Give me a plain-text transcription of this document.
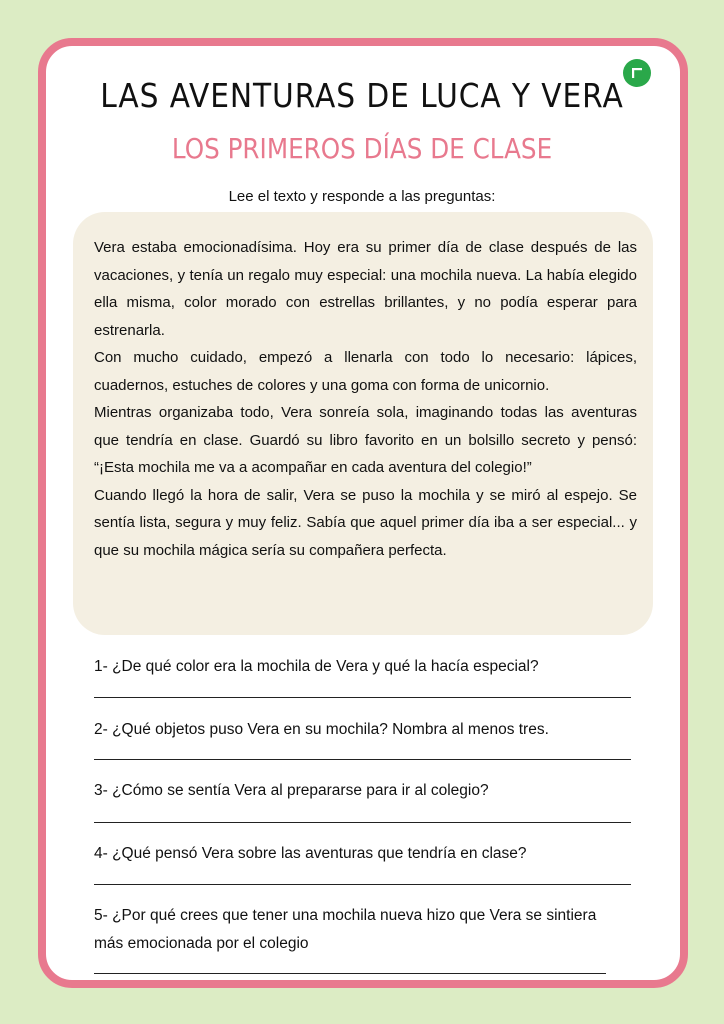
LAS AVENTURAS DE LUCA Y VERA
LOS PRIMEROS DÍAS DE CLASE
Lee el texto y responde a las preguntas:

Vera estaba emocionadísima. Hoy era su primer día de clase después de las vacaciones, y tenía un regalo muy especial: una mochila nueva. La había elegido ella misma, color morado con estrellas brillantes, y no podía esperar para estrenarla.

Con mucho cuidado, empezó a llenarla con todo lo necesario: lápices, cuadernos, estuches de colores y una goma con forma de unicornio.

Mientras organizaba todo, Vera sonreía sola, imaginando todas las aventuras que tendría en clase. Guardó su libro favorito en un bolsillo secreto y pensó: “¡Esta mochila me va a acompañar en cada aventura del colegio!”

Cuando llegó la hora de salir, Vera se puso la mochila y se miró al espejo. Se sentía lista, segura y muy feliz. Sabía que aquel primer día iba a ser especial... y que su mochila mágica sería su compañera perfecta.

1- ¿De qué color era la mochila de Vera y qué la hacía especial?
2- ¿Qué objetos puso Vera en su mochila? Nombra al menos tres.
3- ¿Cómo se sentía Vera al prepararse para ir al colegio?
4- ¿Qué pensó Vera sobre las aventuras que tendría en clase?
5- ¿Por qué crees que tener una mochila nueva hizo que Vera se sintiera más emocionada por el colegio
